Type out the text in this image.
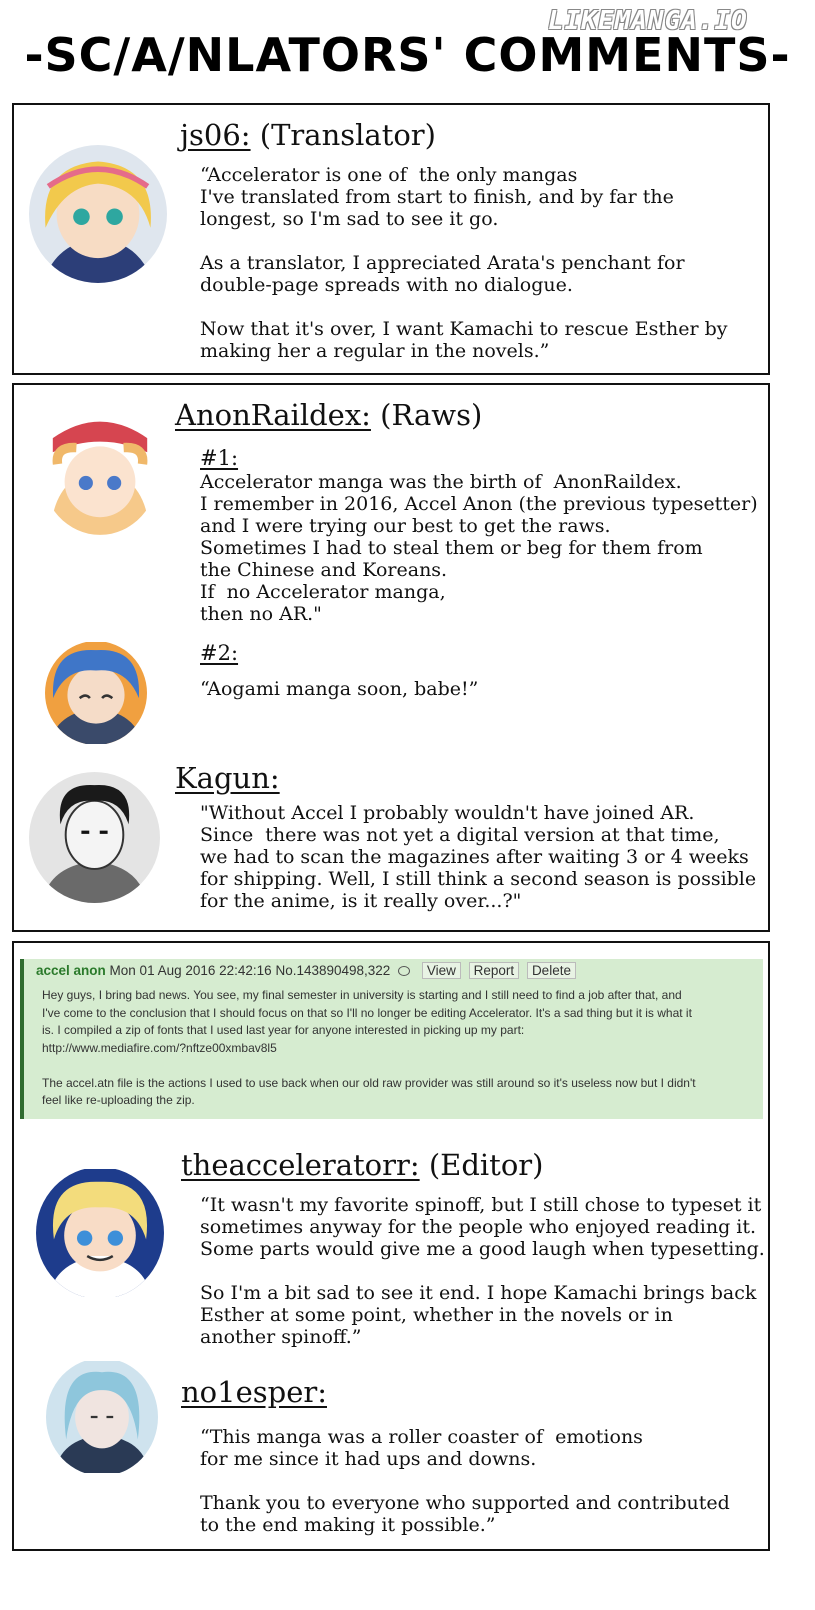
LIKEMANGA.IO
-SC/A/NLATORS' COMMENTS-
js06: (Translator)

“Accelerator is one of  the only mangas
I've translated from start to finish, and by far the
longest, so I'm sad to see it go.

As a translator, I appreciated Arata's penchant for
double-page spreads with no dialogue.

Now that it's over, I want Kamachi to rescue Esther by
making her a regular in the novels.”

AnonRaildex: (Raws)
#1:

Accelerator manga was the birth of  AnonRaildex.
I remember in 2016, Accel Anon (the previous typesetter)
and I were trying our best to get the raws.
Sometimes I had to steal them or beg for them from
the Chinese and Koreans.
If  no Accelerator manga,
then no AR."

#2:

“Aogami manga soon, babe!”

Kagun:

"Without Accel I probably wouldn't have joined AR.
Since  there was not yet a digital version at that time,
we had to scan the magazines after waiting 3 or 4 weeks
for shipping. Well, I still think a second season is possible
for the anime, is it really over...?"

accel anon Mon 01 Aug 2016 22:42:16 No.143890498,322	View Report Delete

Hey guys, I bring bad news. You see, my final semester in university is starting and I still need to find a job after that, and
I've come to the conclusion that I should focus on that so I'll no longer be editing Accelerator. It's a sad thing but it is what it
is. I compiled a zip of fonts that I used last year for anyone interested in picking up my part:
http://www.mediafire.com/?nftze00xmbav8l5

The accel.atn file is the actions I used to use back when our old raw provider was still around so it's useless now but I didn't
feel like re-uploading the zip.

theacceleratorr: (Editor)

“It wasn't my favorite spinoff, but I still chose to typeset it
sometimes anyway for the people who enjoyed reading it.
Some parts would give me a good laugh when typesetting.

So I'm a bit sad to see it end. I hope Kamachi brings back
Esther at some point, whether in the novels or in
another spinoff.”

no1esper:

“This manga was a roller coaster of  emotions
for me since it had ups and downs.

Thank you to everyone who supported and contributed
to the end making it possible.”
